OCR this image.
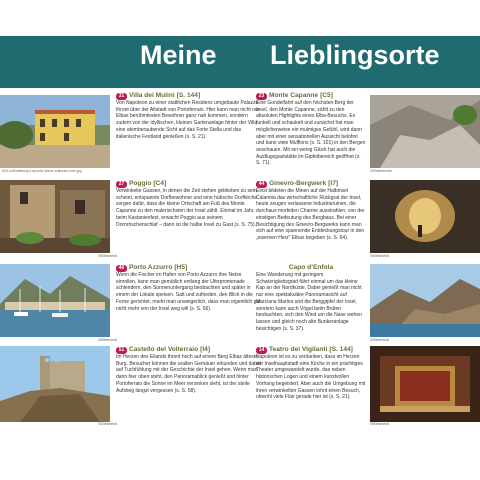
Meine Lieblingsorte
S01-xxEinleitung-Kap.indd lizenz ostkontor.com.jpg
31 Villa dei Mulini [S. 144]
Von Napoleon zu einer stattlichen Residenz umgebaute Palazzo thront über der Altstadt von Portoferraio. Hier kann man nicht nur Elbas berühmtesten Bewohner ganz nah kommen, sondern zudem von der idyllischen, kleinen Gartenanlage hinter der Villa eine atemberaubende Sicht auf das Forte Stella und das italienische Festland genießen (s. S. 21).
095ibemedk
27 Poggio [C4]
Verwinkelte Gassen, in denen die Zeit stehen geblieben zu sein scheint, entspannte Dorfbewohner und eine hübsche Dorfkirche sorgen dafür, dass die kleine Ortschaft am Fuß des Monte Capanne zu den malerischsten der Insel zählt. Einmal im Jahr, beim Kastanienfest, erwacht Poggio aus seinem Dornröschenschlaf – dann ist die halbe Insel zu Gast (s. S. 75).
095ibemedk
40 Porto Azzurro [H5]
Wenn die Fischer im Hafen von Porto Azzurro ihre Netze einrollen, kann man gemütlich entlang der Uferpromenade schlendern, den Sonnenuntergang beobachten und später in einem der Lokale speisen. Satt und zufrieden, den Blick in die Ferne gerichtet, merkt man unweigerlich, dass man eigentlich gar nicht mehr von der Insel weg will (s. S. 56).
003ibemedk
51 Castello del Volterraio [I4]
Im Herzen des Eilands thront hoch auf einem Berg Elbas älteste Burg. Besucher können die uralten Gemäuer erkunden und dabei auf Tuchfühlung mit der Geschichte der Insel gehen. Wenn man dann hier oben steht, den Panoramablick genießt und hinter Portoferraio die Sonne im Meer versinken sieht, ist der steile Aufstieg längst vergessen (s. S. 58).
23 Monte Capanne [C5]
Eine Gondelfahrt auf den höchsten Berg der Insel, den Monte Capanne, zählt zu den absoluten Highlights eines Elba-Besuchs. Es funkelt und schaukelt und zunächst hat man möglicherweise ein mulmiges Gefühl, wird dann aber mit einer sensationellen Aussicht belohnt und kann viele Mufflons (s. S. 101) in den Bergen anschauen. Mit ein wenig Glück hat auch die Ausflugsgaststätte im Gipfelbereich geöffnet (s. S. 71).
200dsbemedk
44 Ginevro-Bergwerk [I7]
Einst bildeten die Minen auf der Halbinsel Calamita das wirtschaftliche Rückgrat der Insel, heute zeugen verlassene Industrieruinen, die durchaus morbiden Charme ausstrahlen, von der einstigen Bedeutung des Bergbaus. Bei einer Besichtigung des Ginevro-Bergwerks kann man sich auf eine spannende Entdeckungstour in den „eisernen Herz“ Elbas begeben (s. S. 64).
095ibemedk
Capo d’Enfola
Eine Wanderung mit geringem Schwierigkeitsgrad führt einmal um das kleine Kap an der Nordküste. Dabei genießt man nicht nur eine spektakuläre Panoramasicht auf Marciana Marina und die Berggipfel der Insel, sondern kann auch Vögel beim Brüten beobachten, sich den Wind um die Nase wehen lassen und gleich noch alte Bunkeranlage besichtigen (s. S. 37).
005ibemedk
14 Teatro dei Vigilanti [S. 144]
Napoleon ist es zu verdanken, dass im Herzen der Inselhauptstadt eine Kirche in ein prächtiges Theater umgewandelt wurde, das neben historischen Logen und einem kunstvollen Vorhang begeistert. Aber auch die Umgebung mit ihren verwinkelten Gassen lohnt einen Besuch, obwohl viele Flair gerade hier ist (s. S. 21).
095ibemedk
